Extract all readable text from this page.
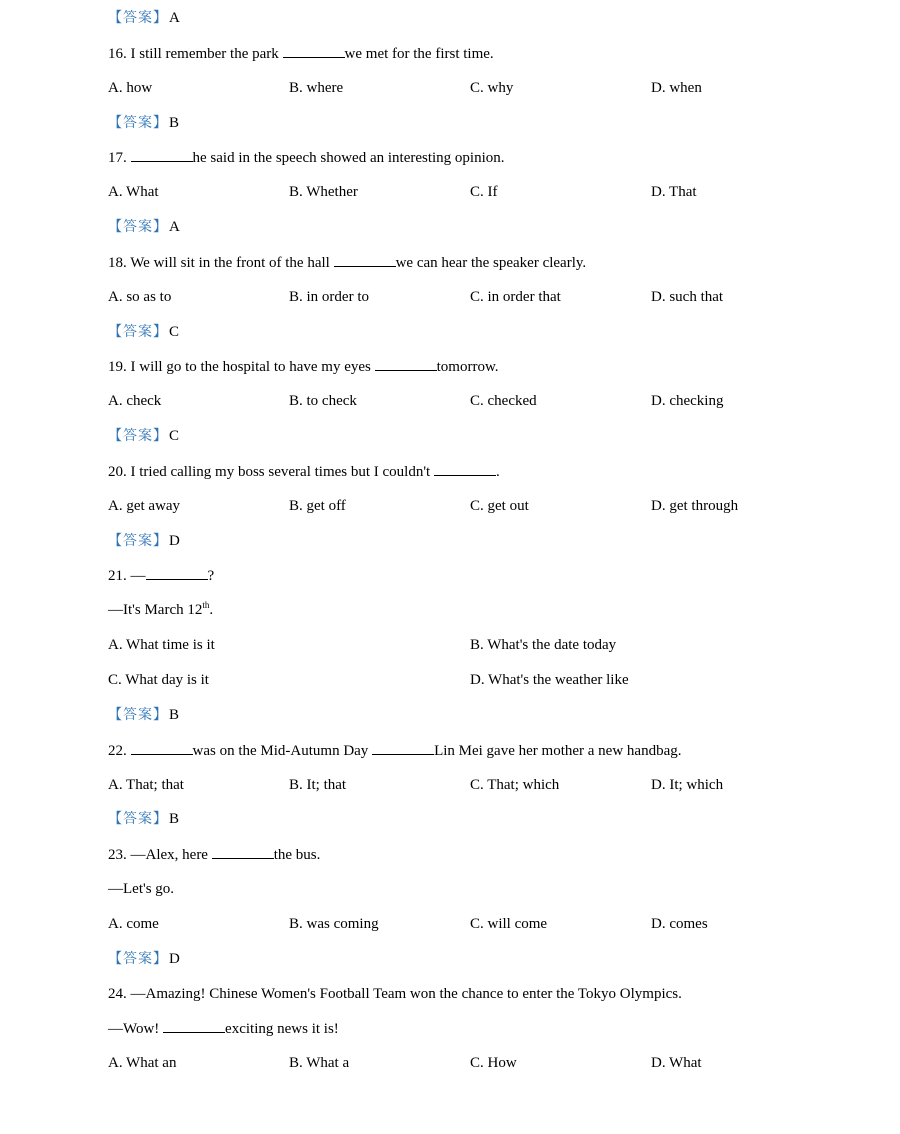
【答案】A
16. I still remember the park	we met for the first time.
A. how	B. where	C. why	D. when
【答案】B
17.	he said in the speech showed an interesting opinion.
A. What	B. Whether	C. If	D. That
【答案】A
18. We will sit in the front of the hall	we can hear the speaker clearly.
A. so as to	B. in order to	C. in order that	D. such that
【答案】C
19. I will go to the hospital to have my eyes	tomorrow.
A. check	B. to check	C. checked	D. checking
【答案】C
20. I tried calling my boss several times but I couldn't	.
A. get away	B. get off	C. get out	D. get through
【答案】D
21. —	?
—It's March 12th.
A. What time is it	B. What's the date today
C. What day is it	D. What's the weather like
【答案】B
22.	was on the Mid-Autumn Day	Lin Mei gave her mother a new handbag.
A. That; that	B. It; that	C. That; which	D. It; which
【答案】B
23. —Alex, here	the bus.
—Let's go.
A. come	B. was coming	C. will come	D. comes
【答案】D
24. —Amazing! Chinese Women's Football Team won the chance to enter the Tokyo Olympics.
—Wow!	exciting news it is!
A. What an	B. What a	C. How	D. What
